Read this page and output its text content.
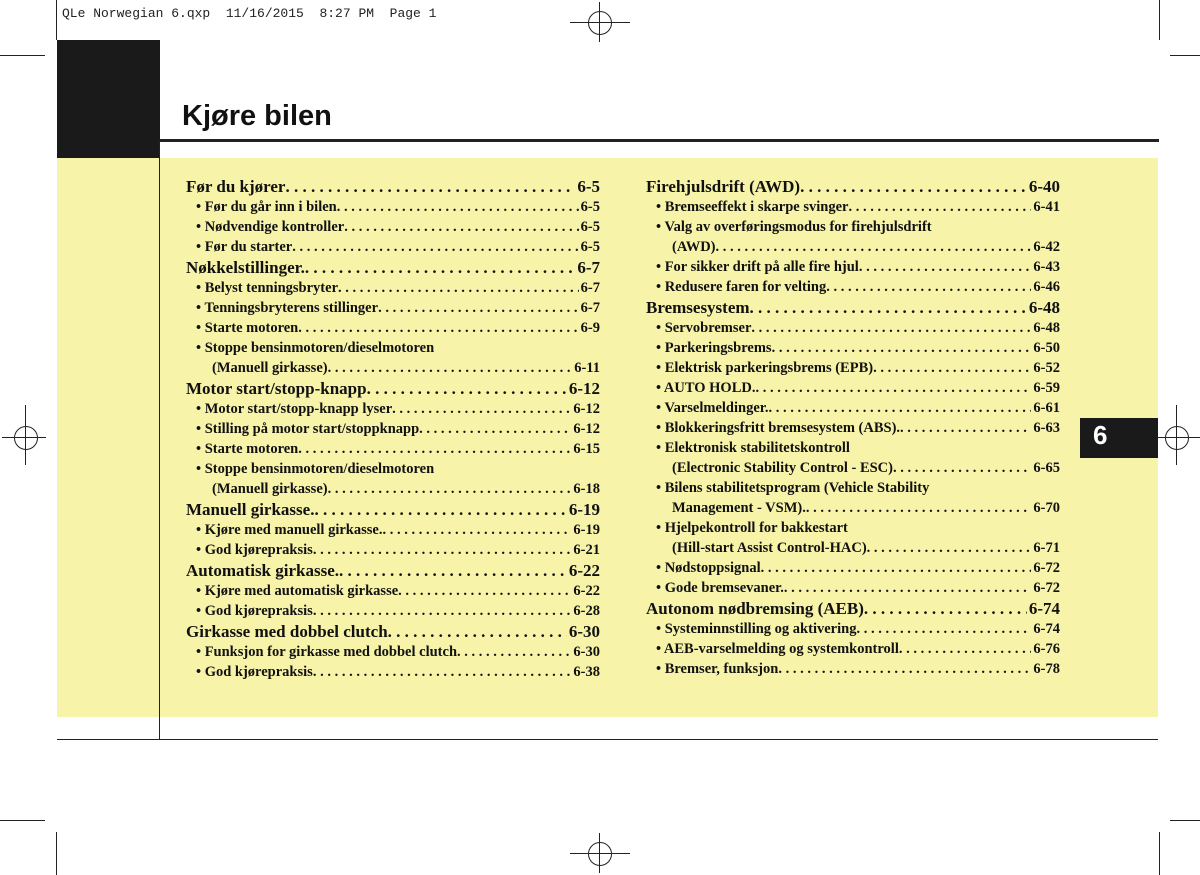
QLe Norwegian 6.qxp  11/16/2015  8:27 PM  Page 1
Kjøre bilen
6
Før du kjører . . .	6-5
• Før du går inn i bilen . . .	6-5
• Nødvendige kontroller . . .	6-5
• Før du starter . . .	6-5
Nøkkelstillinger. . . .	6-7
• Belyst tenningsbryter . . .	6-7
• Tenningsbryterens stillinger . . .	6-7
• Starte motoren . . .	6-9
• Stoppe bensinmotoren/dieselmotoren
(Manuell girkasse) . . .	6-11
Motor start/stopp-knapp . . .	6-12
• Motor start/stopp-knapp lyser . . .	6-12
• Stilling på motor start/stoppknapp . . .	6-12
• Starte motoren . . .	6-15
• Stoppe bensinmotoren/dieselmotoren
(Manuell girkasse) . . .	6-18
Manuell girkasse. . . .	6-19
• Kjøre med manuell girkasse. . . .	6-19
• God kjørepraksis . . .	6-21
Automatisk girkasse. . . .	6-22
• Kjøre med automatisk girkasse . . .	6-22
• God kjørepraksis . . .	6-28
Girkasse med dobbel clutch . . .	6-30
• Funksjon for girkasse med dobbel clutch . . .	6-30
• God kjørepraksis . . .	6-38
Firehjulsdrift (AWD) . . .	6-40
• Bremseeffekt i skarpe svinger . . .	6-41
• Valg av overføringsmodus for firehjulsdrift
(AWD) . . .	6-42
• For sikker drift på alle fire hjul . . .	6-43
• Redusere faren for velting . . .	6-46
Bremsesystem . . .	6-48
• Servobremser . . .	6-48
• Parkeringsbrems . . .	6-50
• Elektrisk parkeringsbrems (EPB) . . .	6-52
• AUTO HOLD. . . .	6-59
• Varselmeldinger. . . .	6-61
• Blokkeringsfritt bremsesystem (ABS). . . .	6-63
• Elektronisk stabilitetskontroll
(Electronic Stability Control - ESC) . . .	6-65
• Bilens stabilitetsprogram (Vehicle Stability
Management - VSM). . . .	6-70
• Hjelpekontroll for bakkestart
(Hill-start Assist Control-HAC) . . .	6-71
• Nødstoppsignal . . .	6-72
• Gode bremsevaner. . . .	6-72
Autonom nødbremsing (AEB) . . .	6-74
• Systeminnstilling og aktivering . . .	6-74
• AEB-varselmelding og systemkontroll . . .	6-76
• Bremser, funksjon . . .	6-78
